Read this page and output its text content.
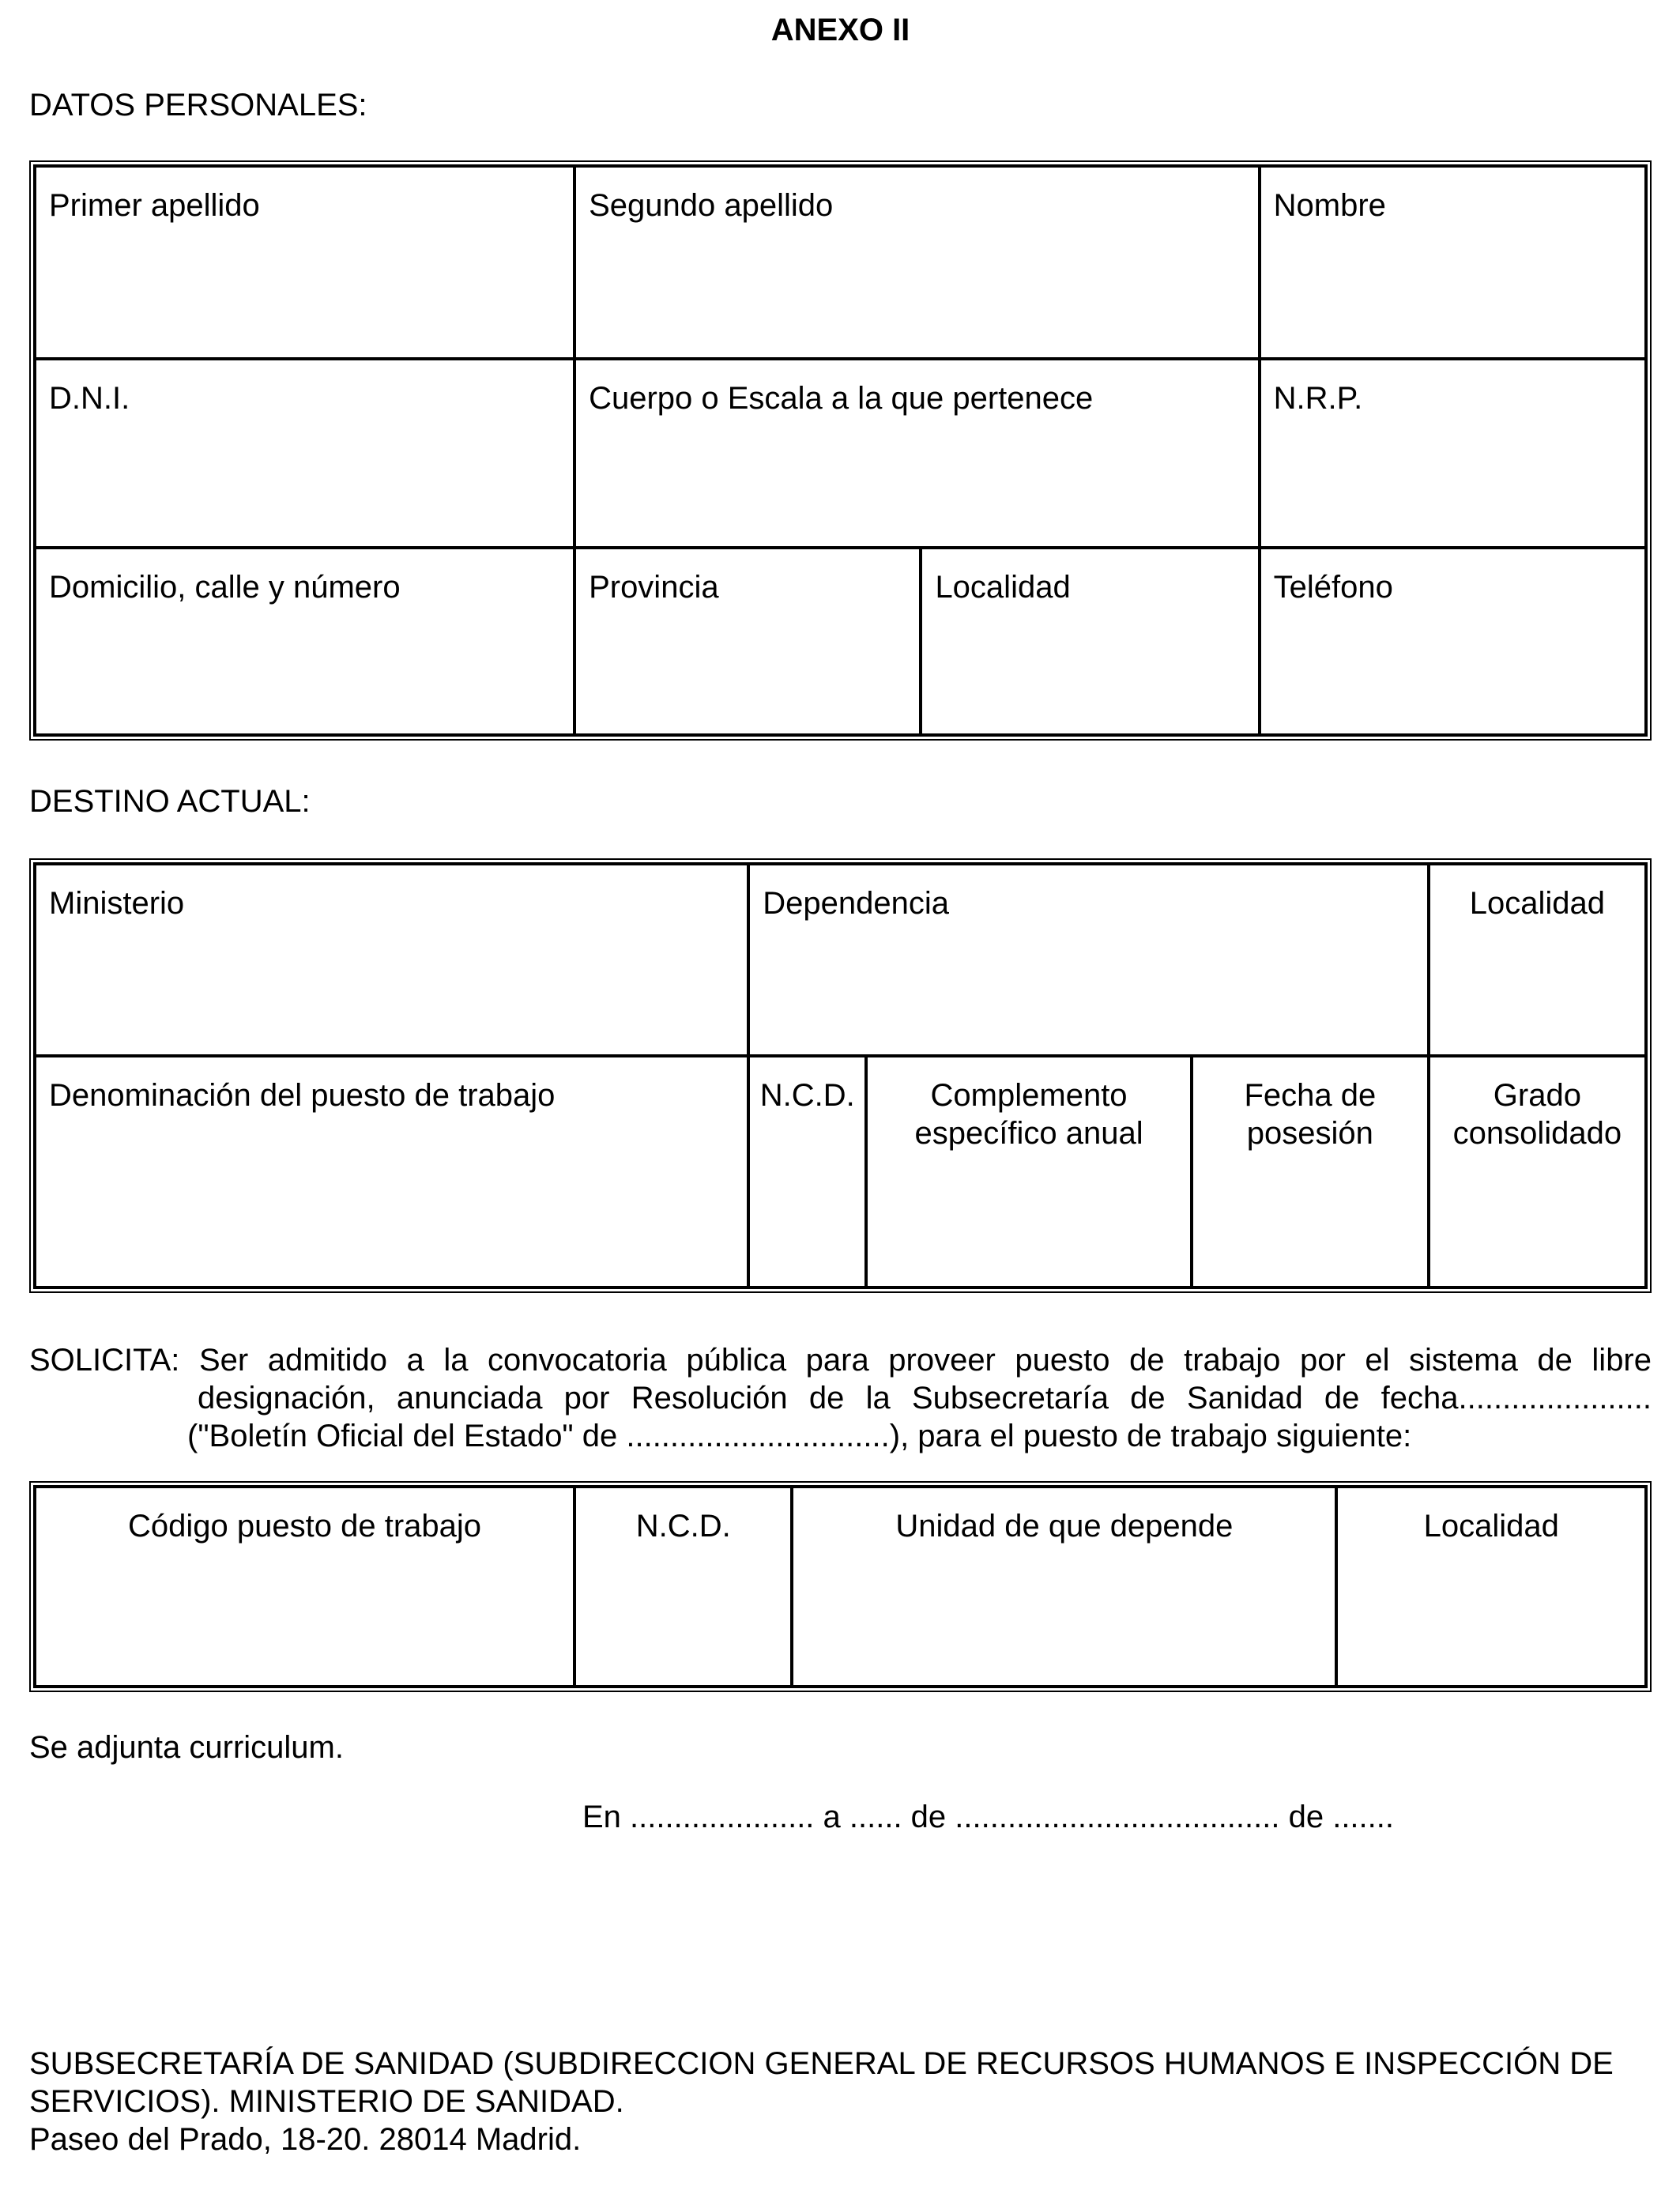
ANEXO II
DATOS PERSONALES:
Primer apellido	Segundo apellido		Nombre
D.N.I.	Cuerpo o Escala a la que pertenece		N.R.P.
Domicilio, calle y número	Provincia	Localidad	Teléfono
DESTINO ACTUAL:
Ministerio	Dependencia			Localidad
Denominación del puesto de trabajo	N.C.D.	Complemento específico anual	Fecha de posesión	Grado consolidado
SOLICITA: Ser admitido a la convocatoria pública para proveer puesto de trabajo por el sistema de libre
designación, anunciada por Resolución de la Subsecretaría de Sanidad de fecha......................
("Boletín Oficial del Estado" de ..............................), para el puesto de trabajo siguiente:
Código puesto de trabajo	N.C.D.	Unidad de que depende	Localidad
Se adjunta curriculum.
En ..................... a ...... de ..................................... de .......
SUBSECRETARÍA DE SANIDAD (SUBDIRECCION GENERAL DE RECURSOS HUMANOS E INSPECCIÓN DE
SERVICIOS). MINISTERIO DE SANIDAD.
Paseo del Prado, 18-20. 28014 Madrid.
